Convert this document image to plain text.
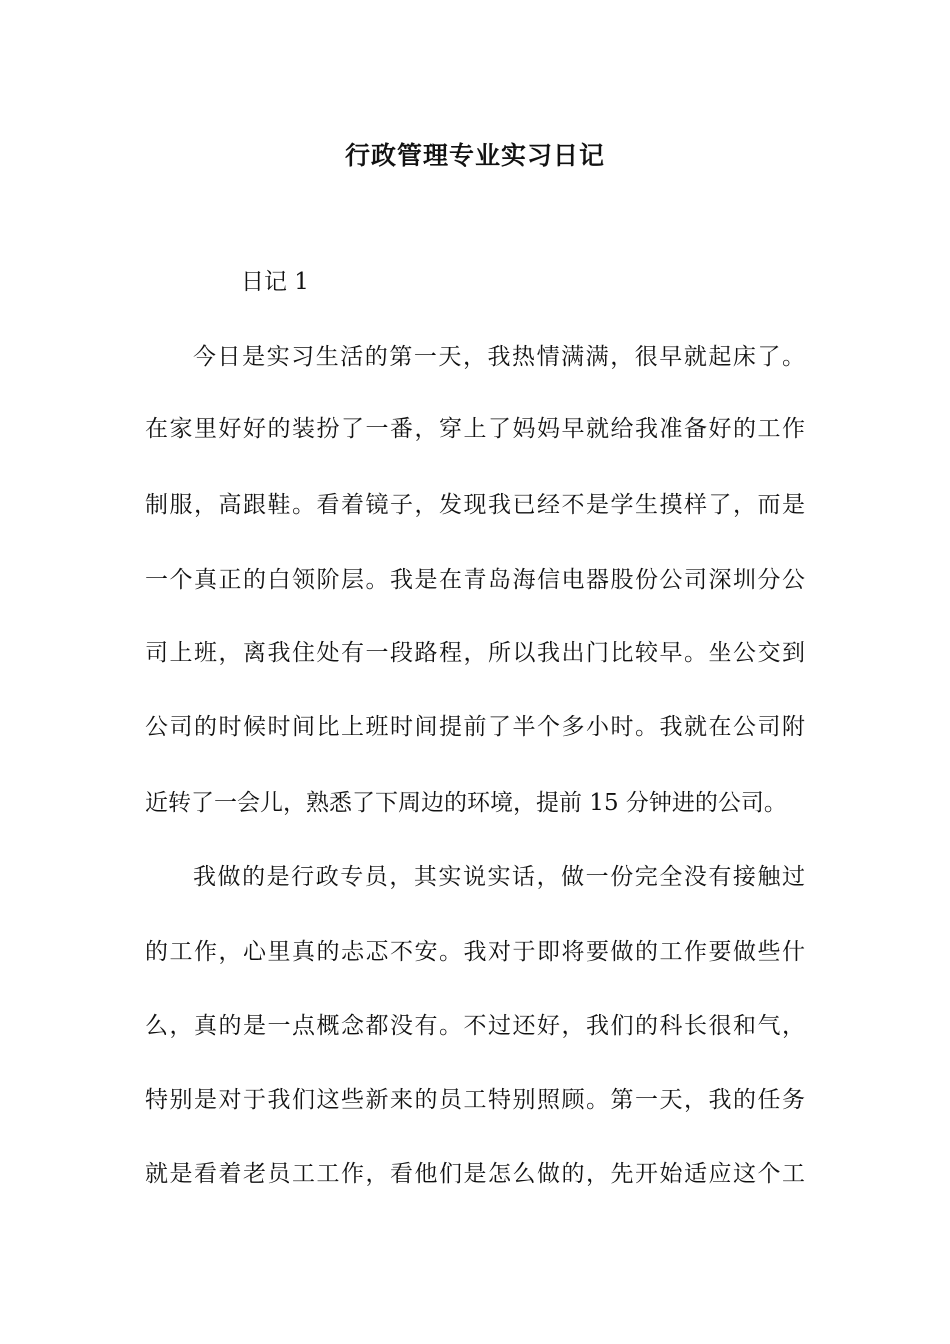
行政管理专业实习日记
日记 1
今日是实习生活的第一天，我热情满满，很早就起床了。
在家里好好的装扮了一番，穿上了妈妈早就给我准备好的工作
制服，高跟鞋。看着镜子，发现我已经不是学生摸样了，而是
一个真正的白领阶层。我是在青岛海信电器股份公司深圳分公
司上班，离我住处有一段路程，所以我出门比较早。坐公交到
公司的时候时间比上班时间提前了半个多小时。我就在公司附
近转了一会儿，熟悉了下周边的环境，提前 15 分钟进的公司。
我做的是行政专员，其实说实话，做一份完全没有接触过
的工作，心里真的忐忑不安。我对于即将要做的工作要做些什
么，真的是一点概念都没有。不过还好，我们的科长很和气，
特别是对于我们这些新来的员工特别照顾。第一天，我的任务
就是看着老员工工作，看他们是怎么做的，先开始适应这个工
